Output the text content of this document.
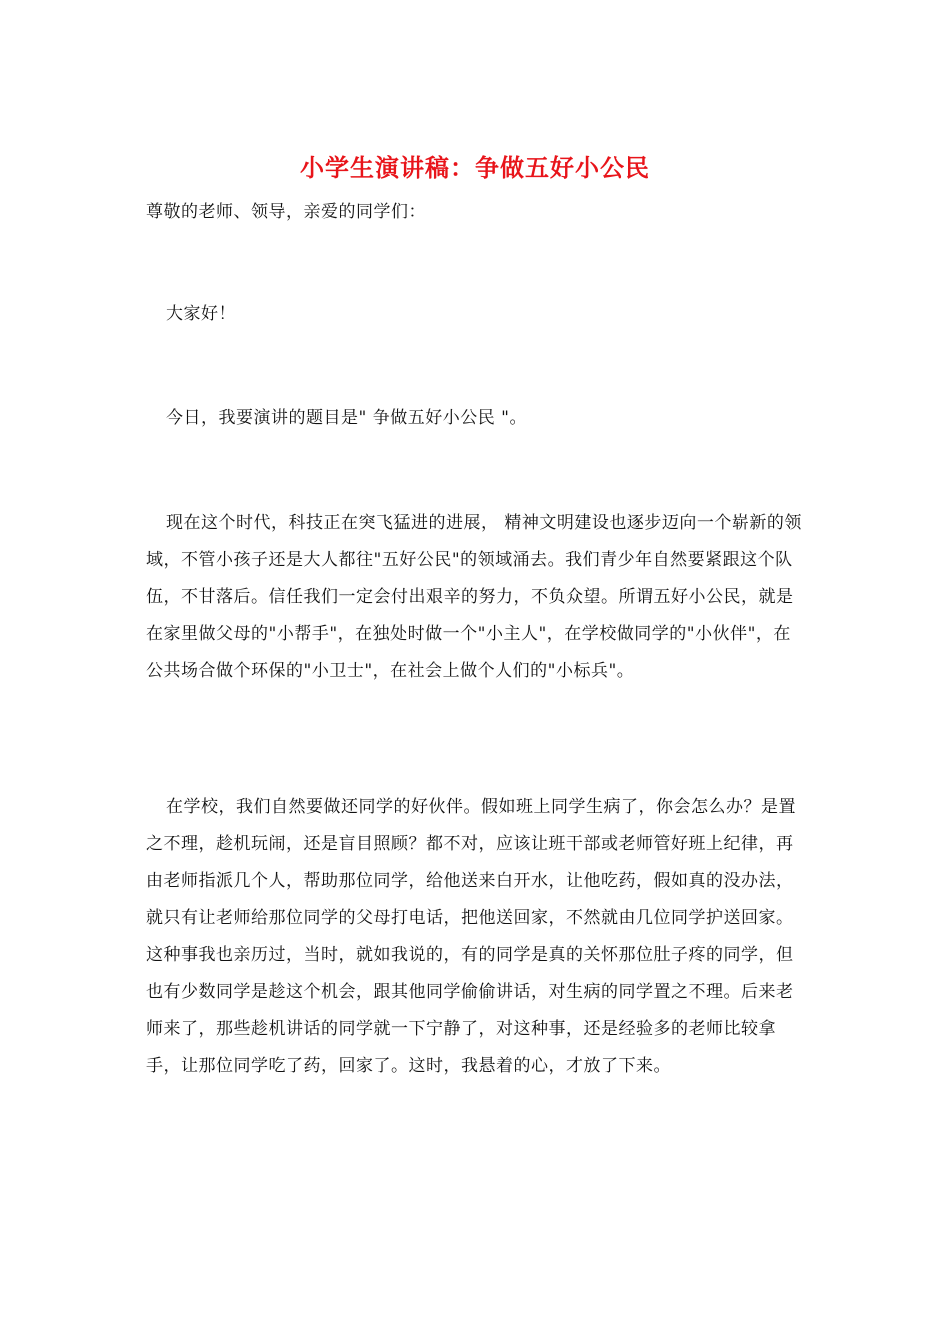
小学生演讲稿：争做五好小公民

尊敬的老师、领导，亲爱的同学们：

大家好！

今日，我要演讲的题目是" 争做五好小公民 "。

现在这个时代，科技正在突飞猛进的进展， 精神文明建设也逐步迈向一个崭新的领域，不管小孩子还是大人都往"五好公民"的领域涌去。我们青少年自然要紧跟这个队伍，不甘落后。信任我们一定会付出艰辛的努力，不负众望。所谓五好小公民，就是在家里做父母的"小帮手"，在独处时做一个"小主人"，在学校做同学的"小伙伴"，在公共场合做个环保的"小卫士"，在社会上做个人们的"小标兵"。

在学校，我们自然要做还同学的好伙伴。假如班上同学生病了，你会怎么办？是置之不理，趁机玩闹，还是盲目照顾？都不对，应该让班干部或老师管好班上纪律，再由老师指派几个人，帮助那位同学，给他送来白开水，让他吃药，假如真的没办法，就只有让老师给那位同学的父母打电话，把他送回家，不然就由几位同学护送回家。这种事我也亲历过，当时，就如我说的，有的同学是真的关怀那位肚子疼的同学，但也有少数同学是趁这个机会，跟其他同学偷偷讲话，对生病的同学置之不理。后来老师来了，那些趁机讲话的同学就一下宁静了，对这种事，还是经验多的老师比较拿手，让那位同学吃了药，回家了。这时，我悬着的心，才放了下来。
